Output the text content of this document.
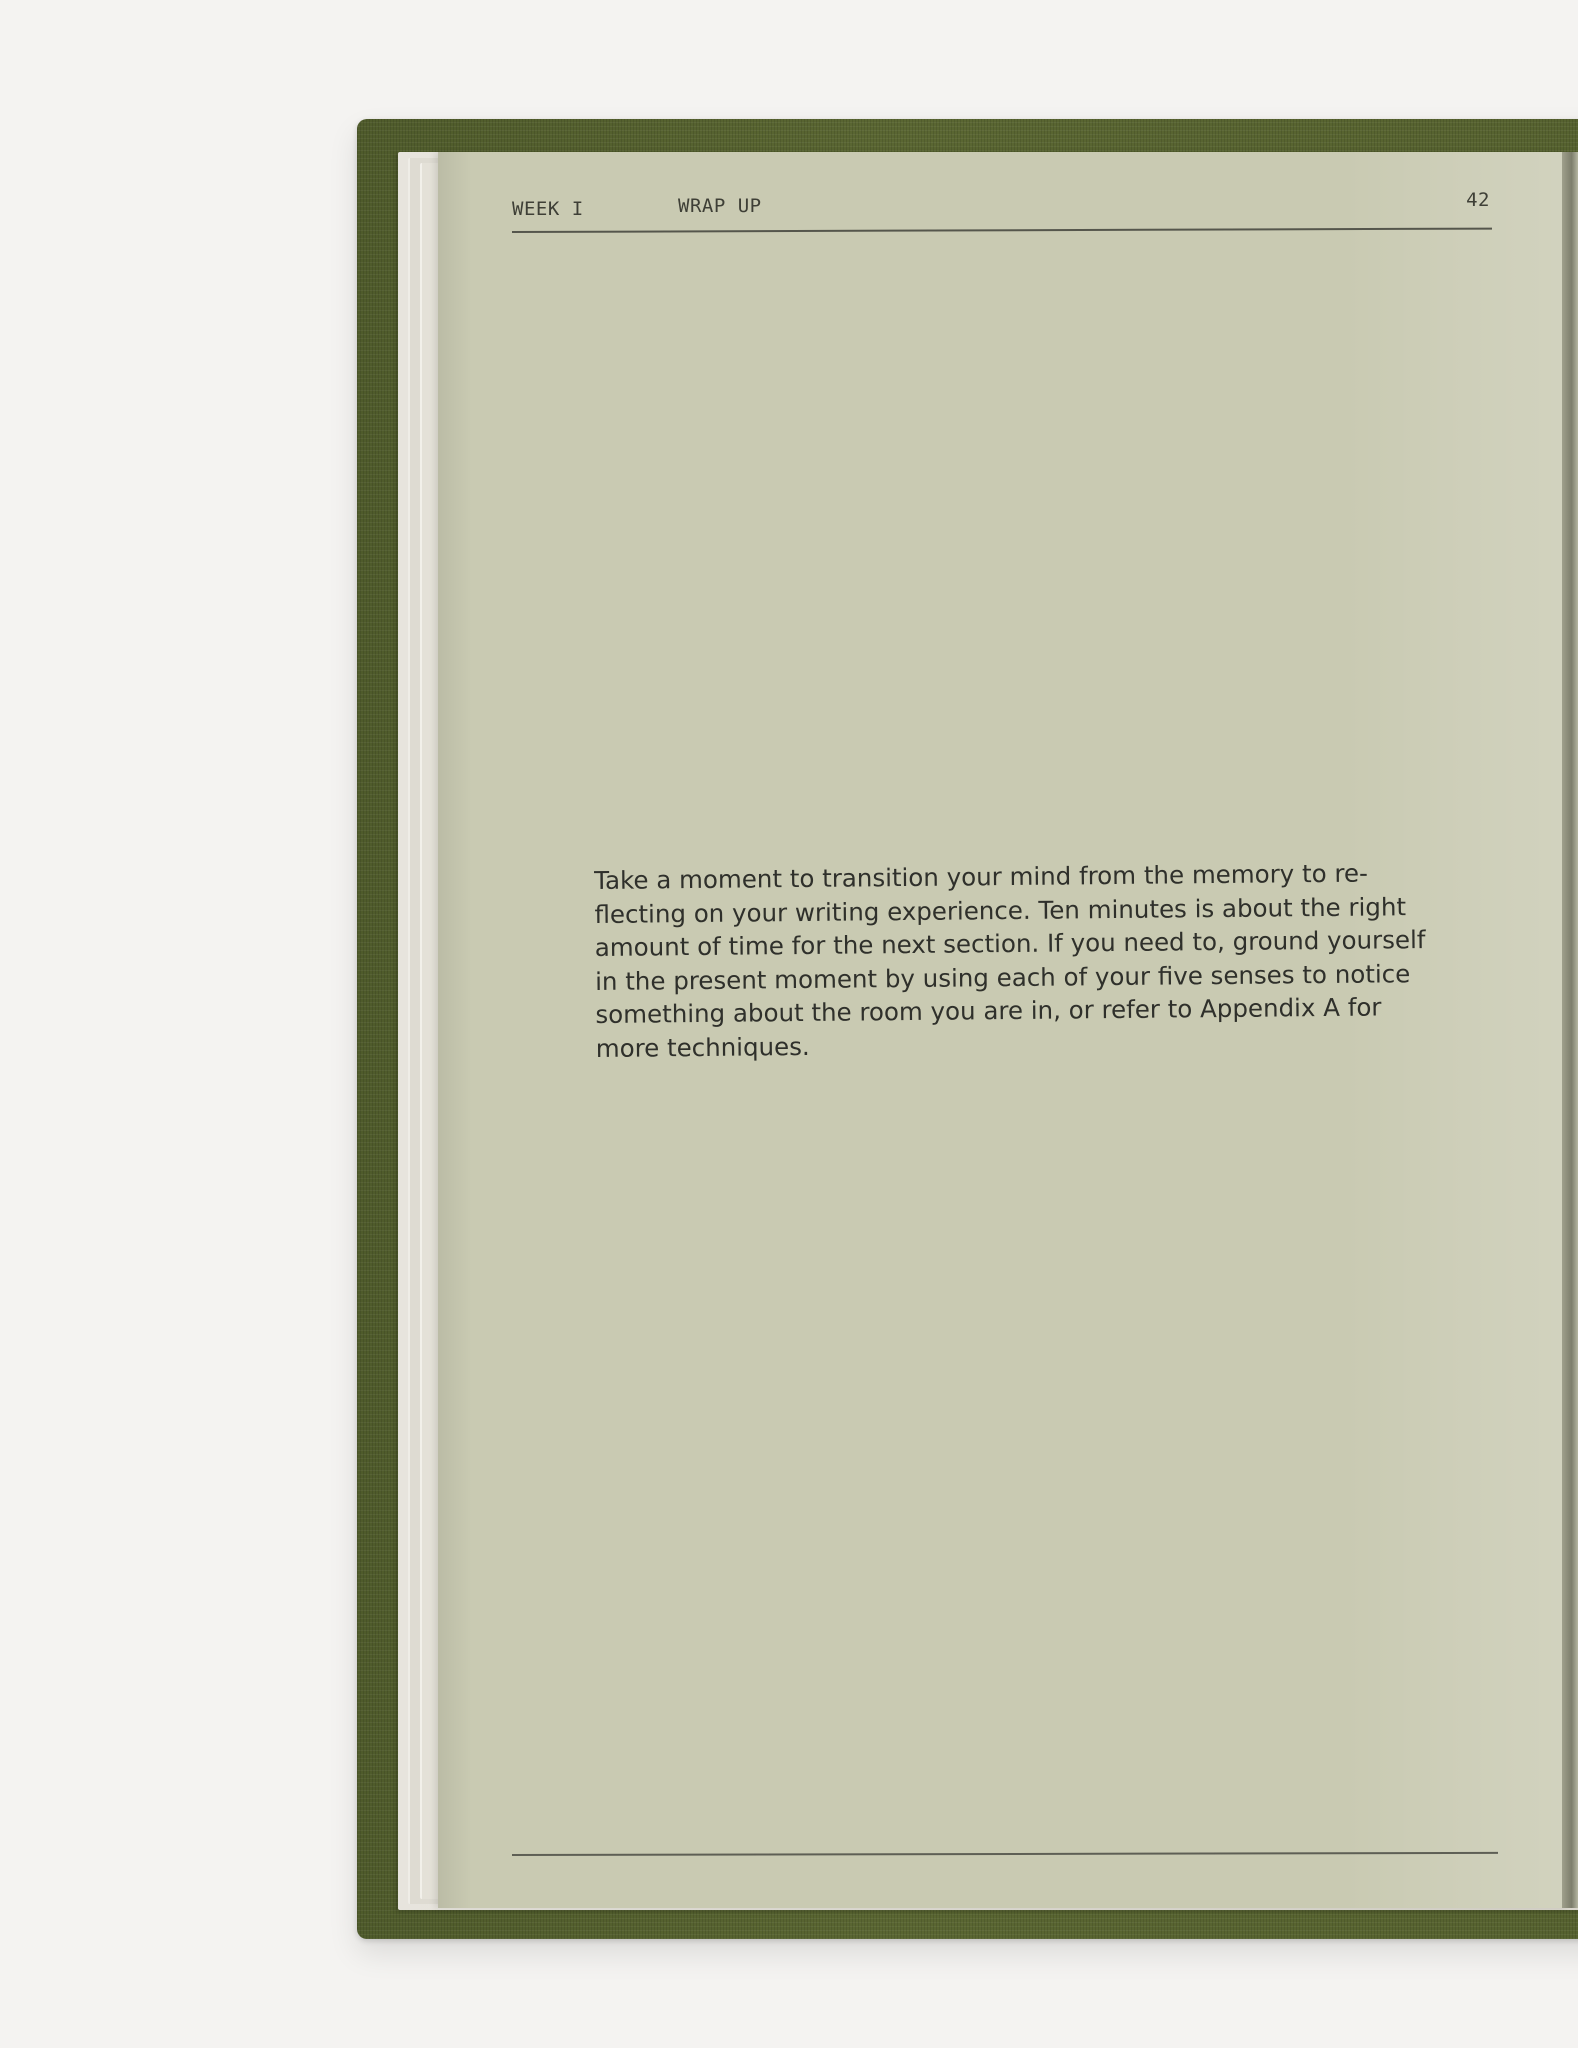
WEEK I	WRAP UP	42

Take a moment to transition your mind from the memory to re-
flecting on your writing experience. Ten minutes is about the right
amount of time for the next section. If you need to, ground yourself
in the present moment by using each of your five senses to notice
something about the room you are in, or refer to Appendix A for
more techniques.
